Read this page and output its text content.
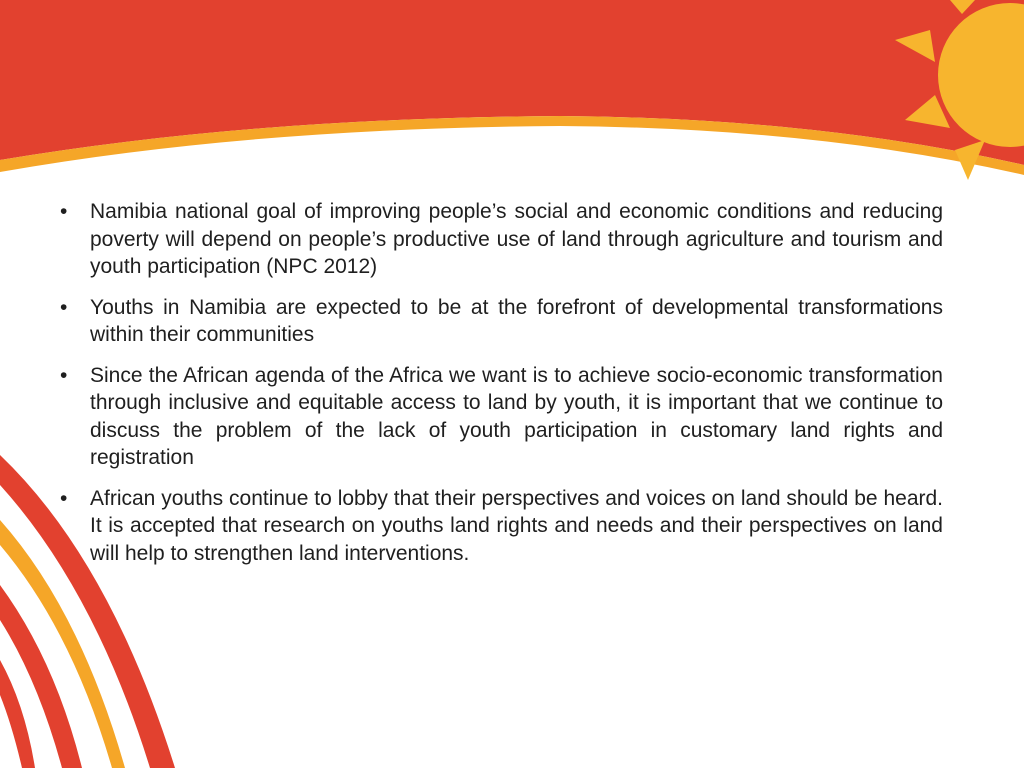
•	Namibia national goal of improving people’s social and economic conditions and reducing poverty will depend on people’s productive use of land through agriculture and tourism and youth participation (NPC 2012)
•	Youths in Namibia are expected to be at the forefront of developmental transformations within their communities
•	Since the African agenda of the Africa we want is to achieve socio-economic transformation through inclusive and equitable access to land by youth, it is important that we continue to discuss the problem of the lack of youth participation in customary land rights and registration
•	African youths continue to lobby that their perspectives and voices on land should be heard. It is accepted that research on youths land rights and needs and their perspectives on land will help to strengthen land interventions.
